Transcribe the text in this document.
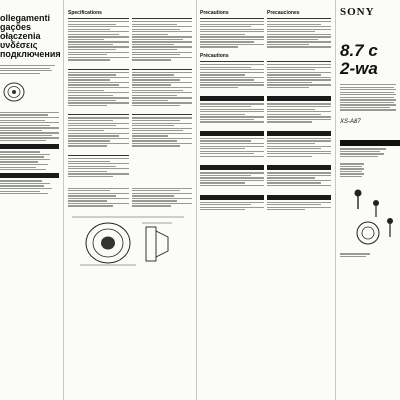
ollegamenti
gações
ołączenia
υνδέσεις
подключения
Specifications	Precautions	Precauciones
Précautions
SONY
8.7 c
2-wa
XS-A87
